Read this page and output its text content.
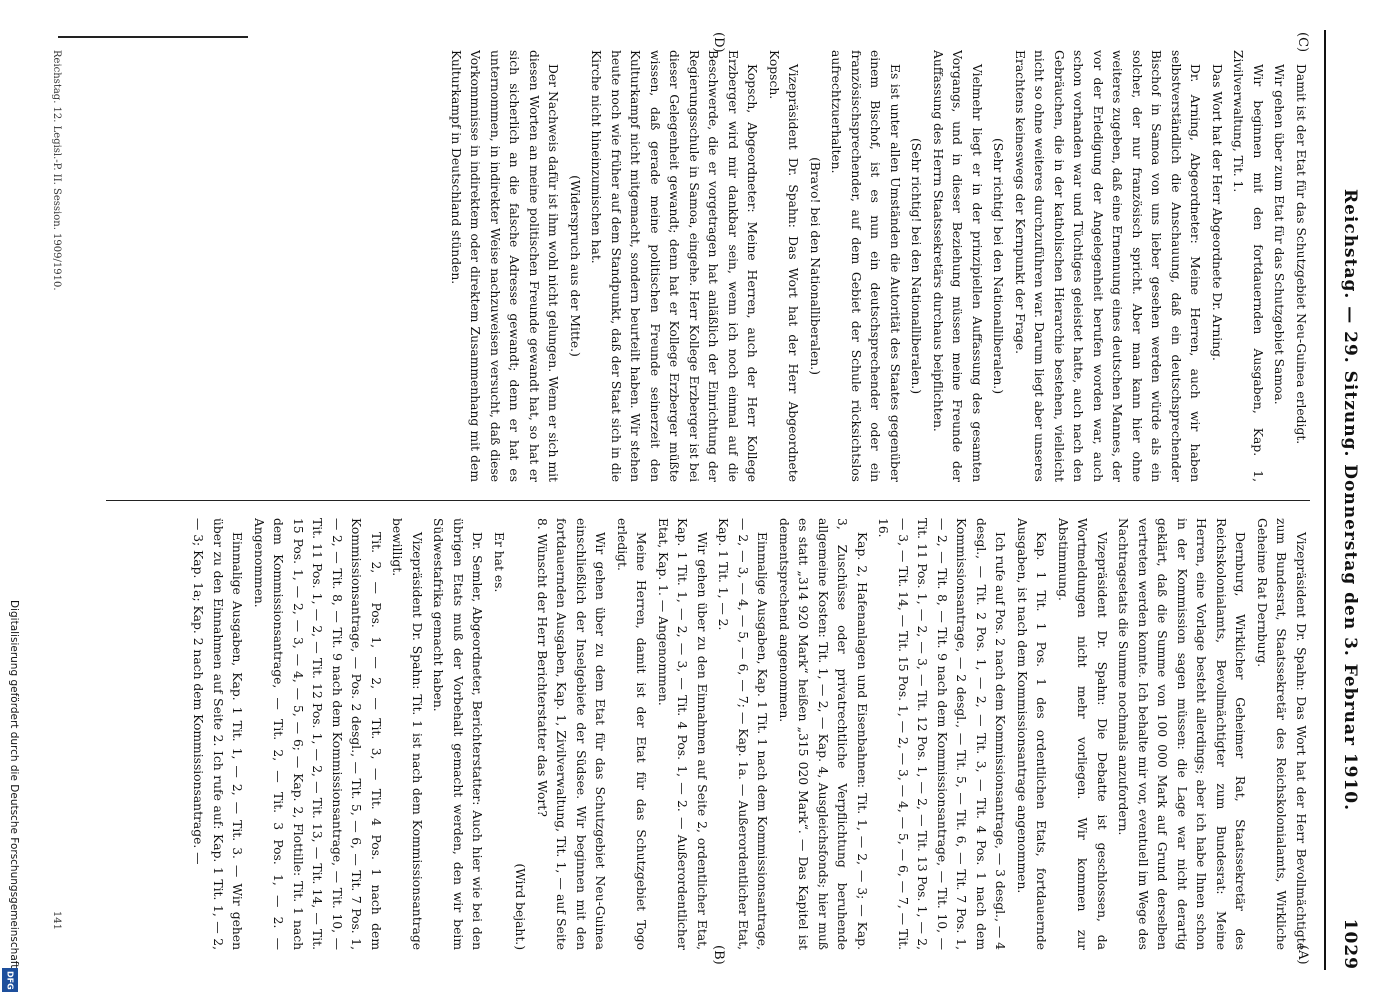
Reichstag. — 29. Sitzung. Donnerstag den 3. Februar 1910.
1029
(C)
(D)
(A)
(B)

Damit ist der Etat für das Schutzgebiet Neu-Guinea erledigt.

Wir gehen über zum Etat für das Schutzgebiet Samoa.

Wir beginnen mit den fortdauernden Ausgaben, Kap. 1, Zivilverwaltung, Tit. 1.

Das Wort hat der Herr Abgeordnete Dr. Arning.

Dr. Arning, Abgeordneter: Meine Herren, auch wir haben selbstverständlich die Anschauung, daß ein deutschsprechender Bischof in Samoa von uns lieber gesehen werden würde als ein solcher, der nur französisch spricht. Aber man kann hier ohne weiteres zugeben, daß eine Ernennung eines deutschen Mannes, der vor der Erledigung der Angelegenheit berufen worden war, auch schon vorhanden war und Tüchtiges geleistet hatte, auch nach den Gebräuchen, die in der katholischen Hierarchie bestehen, vielleicht nicht so ohne weiteres durchzuführen war. Darum liegt aber unseres Erachtens keineswegs der Kernpunkt der Frage.

(Sehr richtig! bei den Nationalliberalen.)

Vielmehr liegt er in der prinzipiellen Auffassung des gesamten Vorgangs, und in dieser Beziehung müssen meine Freunde der Auffassung des Herrn Staatssekretärs durchaus beipflichten.

(Sehr richtig! bei den Nationalliberalen.)

Es ist unter allen Umständen die Autorität des Staates gegenüber einem Bischof, ist es nun ein deutschsprechender oder ein französischsprechender, auf dem Gebiet der Schule rücksichtslos aufrechtzuerhalten.

(Bravo! bei den Nationalliberalen.)

Vizepräsident Dr. Spahn: Das Wort hat der Herr Abgeordnete Kopsch.

Kopsch, Abgeordneter: Meine Herren, auch der Herr Kollege Erzberger wird mir dankbar sein, wenn ich noch einmal auf die Beschwerde, die er vorgetragen hat anläßlich der Einrichtung der Regierungsschule in Samoa, eingehe. Herr Kollege Erzberger ist bei dieser Gelegenheit gewandt; denn hat er Kollege Erzberger müßte wissen, daß gerade meine politischen Freunde seinerzeit den Kulturkampf nicht mitgemacht, sondern beurteilt haben. Wir stehen heute noch wie früher auf dem Standpunkt, daß der Staat sich in die Kirche nicht hineinzumischen hat.

(Widerspruch aus der Mitte.)

Der Nachweis dafür ist ihm wohl nicht gelungen. Wenn er sich mit diesen Worten an meine politischen Freunde gewandt hat, so hat er sich sicherlich an die falsche Adresse gewandt; denn er hat es unternommen, in indirekter Weise nachzuweisen versucht, daß diese Vorkommnisse in indirektem oder direktem Zusammenhang mit dem Kulturkampf in Deutschland stünden.

Vizepräsident Dr. Spahn: Das Wort hat der Herr Bevollmächtigte zum Bundesrat, Staatssekretär des Reichskolonialamts, Wirkliche Geheime Rat Dernburg.

Dernburg, Wirklicher Geheimer Rat, Staatssekretär des Reichskolonialamts, Bevollmächtigter zum Bundesrat: Meine Herren, eine Vorlage besteht allerdings; aber ich habe Ihnen schon in der Kommission sagen müssen: die Lage war nicht derartig geklärt, daß die Summe von 100 000 Mark auf Grund derselben vertreten werden konnte. Ich behalte mir vor, eventuell im Wege des Nachtragsetats die Summe nochmals anzufordern.

Vizepräsident Dr. Spahn: Die Debatte ist geschlossen, da Wortmeldungen nicht mehr vorliegen. Wir kommen zur Abstimmung.

Kap. 1 Tit. 1 Pos. 1 des ordentlichen Etats, fortdauernde Ausgaben, ist nach dem Kommissionsantrage angenommen.

Ich rufe auf Pos. 2 nach dem Kommissionsantrage, — 3 desgl., — 4 desgl., — Tit. 2 Pos. 1, — 2, — Tit. 3, — Tit. 4 Pos. 1 nach dem Kommissionsantrage, — 2 desgl., — Tit. 5, — Tit. 6, — Tit. 7 Pos. 1, — 2, — Tit. 8, — Tit. 9 nach dem Kommissionsantrage, — Tit. 10, — Tit. 11 Pos. 1, — 2, — 3, — Tit. 12 Pos. 1, — 2, — Tit. 13 Pos. 1, — 2, — 3, — Tit. 14, — Tit. 15 Pos. 1, — 2, — 3, — 4, — 5, — 6, — 7, — Tit. 16.

Kap. 2, Hafenanlagen und Eisenbahnen: Tit. 1, — 2, — 3; — Kap. 3, Zuschüsse oder privatrechtliche Verpflichtung beruhende allgemeine Kosten: Tit. 1, — 2, — Kap. 4, Ausgleichsfonds; hier muß es statt „314 920 Mark“ heißen „315 020 Mark“. — Das Kapitel ist dementsprechend angenommen.

Einmalige Ausgaben, Kap. 1 Tit. 1 nach dem Kommissionsantrage, — 2, — 3, — 4, — 5, — 6, — 7; — Kap. 1a. — Außerordentlicher Etat, Kap. 1 Tit. 1, — 2.

Wir gehen über zu den Einnahmen auf Seite 2, ordentlicher Etat, Kap. 1 Tit. 1, — 2, — 3, — Tit. 4 Pos. 1, — 2. — Außerordentlicher Etat, Kap. 1. — Angenommen.

Meine Herren, damit ist der Etat für das Schutzgebiet Togo erledigt.

Wir gehen über zu dem Etat für das Schutzgebiet Neu-Guinea einschließlich der Inselgebiete der Südsee. Wir beginnen mit den fortdauernden Ausgaben, Kap. 1, Zivilverwaltung, Tit. 1, — auf Seite 8. Wünscht der Herr Berichterstatter das Wort?

(Wird bejaht.)

Er hat es.

Dr. Semler, Abgeordneter, Berichterstatter: Auch hier wie bei den übrigen Etats muß der Vorbehalt gemacht werden, den wir beim Südwestafrika gemacht haben.

Vizepräsident Dr. Spahn: Tit. 1 ist nach dem Kommissionsantrage bewilligt.

Tit. 2, — Pos. 1, — 2, — Tit. 3, — Tit. 4 Pos. 1 nach dem Kommissionsantrage, — Pos. 2 desgl., — Tit. 5, — 6, — Tit. 7 Pos. 1, — 2, — Tit. 8, — Tit. 9 nach dem Kommissionsantrage, — Tit. 10, — Tit. 11 Pos. 1, — 2, — Tit. 12 Pos. 1, — 2, — Tit. 13, — Tit. 14, — Tit. 15 Pos. 1, — 2, — 3, — 4, — 5, — 6; — Kap. 2, Flottille: Tit. 1 nach dem Kommissionsantrage, — Tit. 2, — Tit. 3 Pos. 1, — 2. — Angenommen.

Einmalige Ausgaben, Kap. 1 Tit. 1, — 2, — Tit. 3. — Wir gehen über zu den Einnahmen auf Seite 2. Ich rufe auf: Kap. 1 Tit. 1, — 2, — 3; Kap. 1a; Kap. 2 nach dem Kommissionsantrage. —

Reichstag. 12. Legisl.-P. II. Session. 1909/1910.
141
Digitalisierung gefördert durch die Deutsche Forschungsgemeinschaft
DFG
